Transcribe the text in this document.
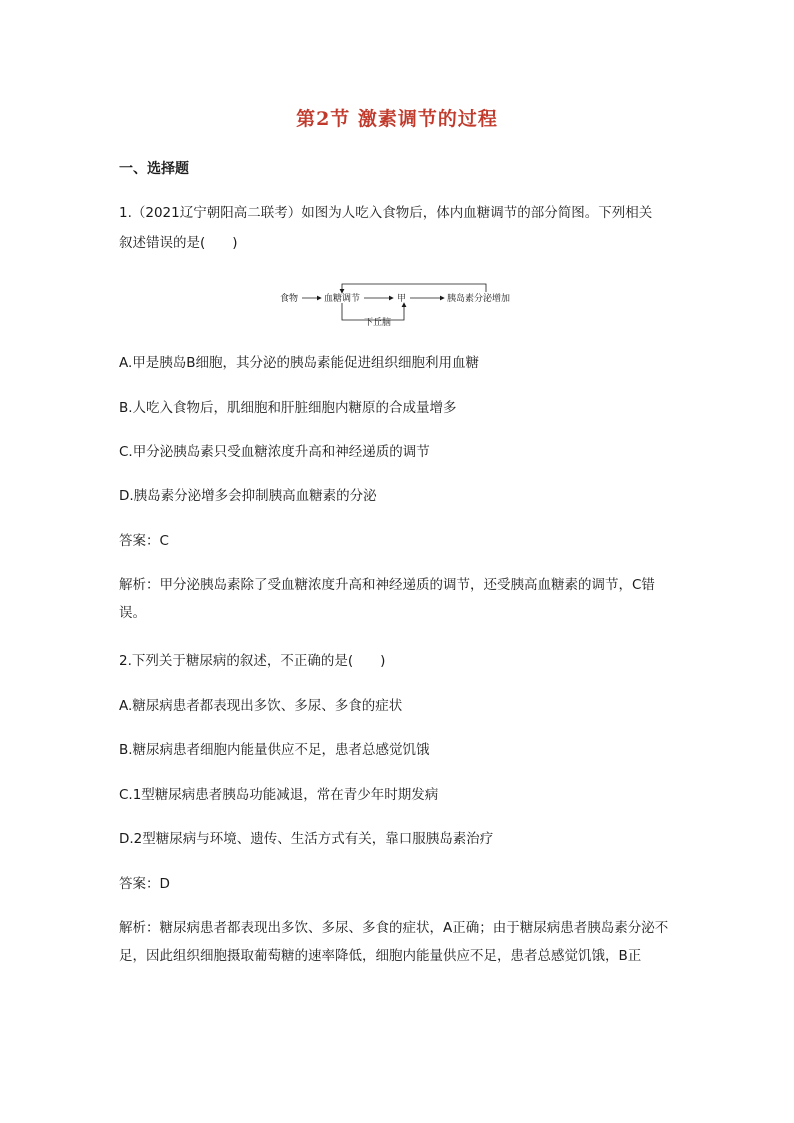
第2节 激素调节的过程
一、选择题
1.（2021辽宁朝阳高二联考）如图为人吃入食物后，体内血糖调节的部分简图。下列相关
叙述错误的是(　　)
食物	血糖调节	甲	胰岛素分泌增加
下丘脑
A.甲是胰岛B细胞，其分泌的胰岛素能促进组织细胞利用血糖
B.人吃入食物后，肌细胞和肝脏细胞内糖原的合成量增多
C.甲分泌胰岛素只受血糖浓度升高和神经递质的调节
D.胰岛素分泌增多会抑制胰高血糖素的分泌
答案：C
解析：甲分泌胰岛素除了受血糖浓度升高和神经递质的调节，还受胰高血糖素的调节，C错误。
2.下列关于糖尿病的叙述，不正确的是(　　)
A.糖尿病患者都表现出多饮、多尿、多食的症状
B.糖尿病患者细胞内能量供应不足，患者总感觉饥饿
C.1型糖尿病患者胰岛功能减退，常在青少年时期发病
D.2型糖尿病与环境、遗传、生活方式有关，靠口服胰岛素治疗
答案：D
解析：糖尿病患者都表现出多饮、多尿、多食的症状，A正确；由于糖尿病患者胰岛素分泌不足，因此组织细胞摄取葡萄糖的速率降低，细胞内能量供应不足，患者总感觉饥饿，B正
